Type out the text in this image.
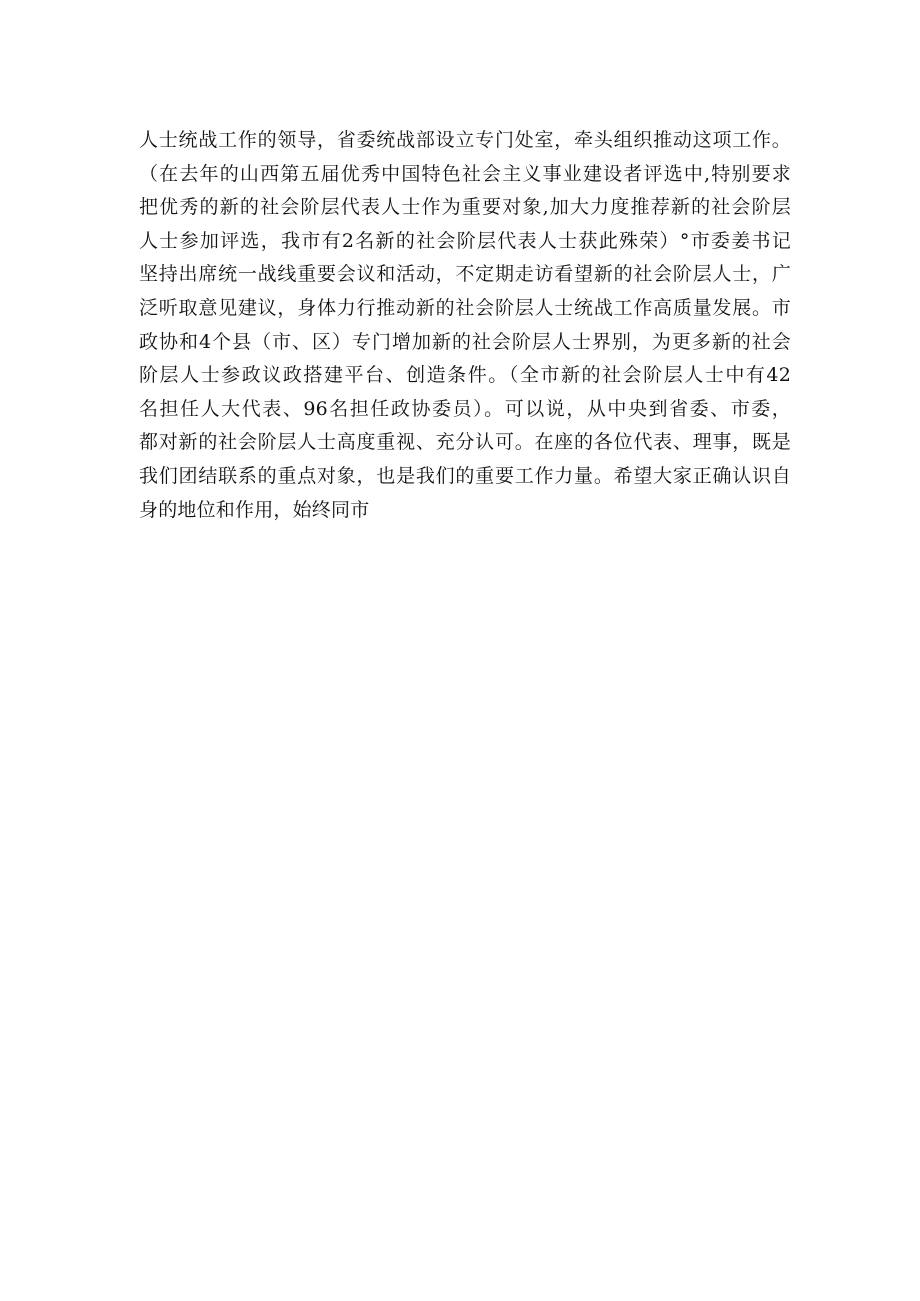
人士统战工作的领导，省委统战部设立专门处室，牵头组织推动这项工作。
（在去年的山西第五届优秀中国特色社会主义事业建设者评选中,特别要求
把优秀的新的社会阶层代表人士作为重要对象,加大力度推荐新的社会阶层
人士参加评选，我市有2名新的社会阶层代表人士获此殊荣）°市委姜书记
坚持出席统一战线重要会议和活动，不定期走访看望新的社会阶层人士，广
泛听取意见建议，身体力行推动新的社会阶层人士统战工作高质量发展。市
政协和4个县（市、区）专门增加新的社会阶层人士界别，为更多新的社会
阶层人士参政议政搭建平台、创造条件。（全市新的社会阶层人士中有42
名担任人大代表、96名担任政协委员）。可以说，从中央到省委、市委，
都对新的社会阶层人士高度重视、充分认可。在座的各位代表、理事，既是
我们团结联系的重点对象，也是我们的重要工作力量。希望大家正确认识自
身的地位和作用，始终同市
